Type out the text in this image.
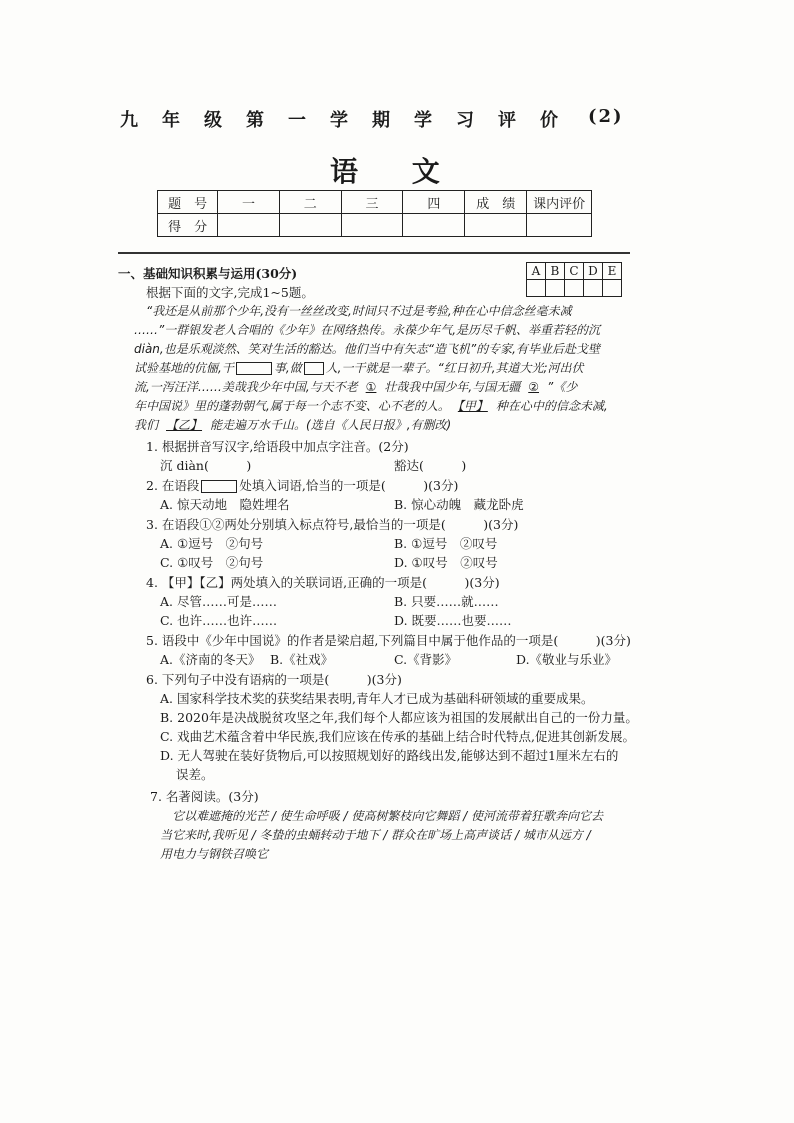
九 年 级 第 一 学 期 学 习 评 价 (2)
语 文
题　号	一	二	三	四	成　绩	课内评价
得　分						
A	B	C	D	E

一、基础知识积累与运用(30分)
根据下面的文字,完成1~5题。
“我还是从前那个少年,没有一丝丝改变,时间只不过是考验,种在心中信念丝毫未减
……”一群银发老人合唱的《少年》在网络热传。永葆少年气,是历尽千帆、举重若轻的沉
diàn,也是乐观淡然、笑对生活的豁达。他们当中有矢志“造飞机”的专家,有毕业后赴戈壁
试验基地的伉俪,干	事,做 人,一干就是一辈子。“红日初升,其道大光;河出伏
流,一泻汪洋……美哉我少年中国,与天不老 ① 壮哉我中国少年,与国无疆 ② ”《少
年中国说》里的蓬勃朝气,属于每一个志不变、心不老的人。 【甲】 种在心中的信念未减,
我们 【乙】 能走遍万水千山。(选自《人民日报》,有删改)
1. 根据拼音写汉字,给语段中加点字注音。(2分)
沉 diàn(　　　)	豁达(　　　)
2. 在语段	处填入词语,恰当的一项是(　　　)(3分)
A. 惊天动地　隐姓埋名	B. 惊心动魄　藏龙卧虎
3. 在语段①②两处分别填入标点符号,最恰当的一项是(　　　)(3分)
A. ①逗号　②句号	B. ①逗号　②叹号
C. ①叹号　②句号	D. ①叹号　②叹号
4. 【甲】【乙】两处填入的关联词语,正确的一项是(　　　)(3分)
A. 尽管……可是……	B. 只要……就……
C. 也许……也许……	D. 既要……也要……
5. 语段中《少年中国说》的作者是梁启超,下列篇目中属于他作品的一项是(　　　)(3分)
A.《济南的冬天》 B.《社戏》	C.《背影》	D.《敬业与乐业》
6. 下列句子中没有语病的一项是(　　　)(3分)
A. 国家科学技术奖的获奖结果表明,青年人才已成为基础科研领域的重要成果。
B. 2020年是决战脱贫攻坚之年,我们每个人都应该为祖国的发展献出自己的一份力量。
C. 戏曲艺术蕴含着中华民族,我们应该在传承的基础上结合时代特点,促进其创新发展。
D. 无人驾驶在装好货物后,可以按照规划好的路线出发,能够达到不超过1厘米左右的
误差。
7. 名著阅读。(3分)
它以难遮掩的光芒 / 使生命呼吸 / 使高树繁枝向它舞蹈 / 使河流带着狂歌奔向它去
当它来时,我听见 / 冬蛰的虫蛹转动于地下 / 群众在旷场上高声谈话 / 城市从远方 /
用电力与钢铁召唤它
